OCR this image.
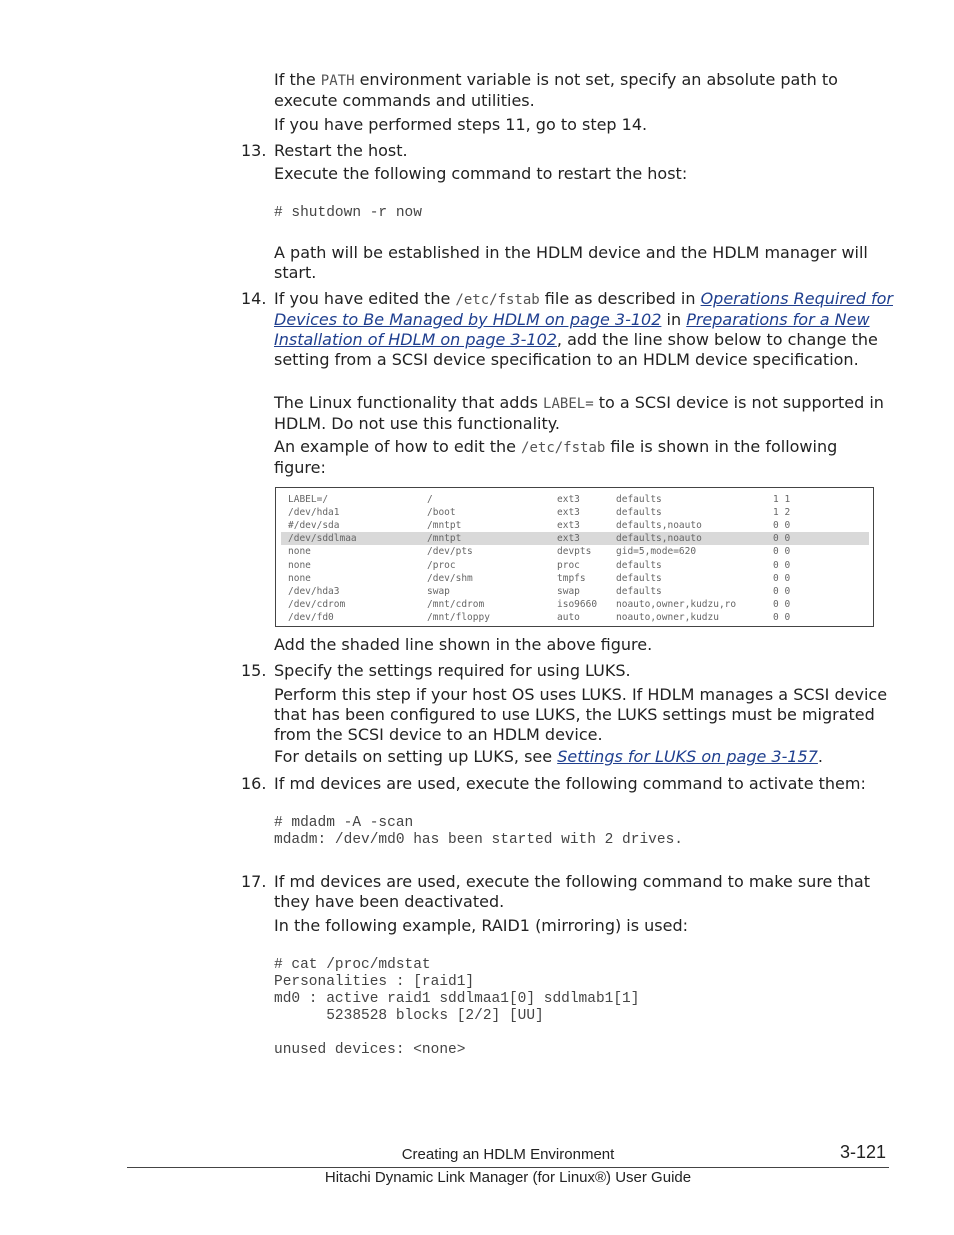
If the PATH environment variable is not set, specify an absolute path to execute commands and utilities.

If you have performed steps 11, go to step 14.

13. Restart the host.

Execute the following command to restart the host:

# shutdown -r now

A path will be established in the HDLM device and the HDLM manager will start.

14. If you have edited the /etc/fstab file as described in Operations Required for Devices to Be Managed by HDLM on page 3-102 in Preparations for a New Installation of HDLM on page 3-102, add the line show below to change the setting from a SCSI device specification to an HDLM device specification.

The Linux functionality that adds LABEL= to a SCSI device is not supported in HDLM. Do not use this functionality.

An example of how to edit the /etc/fstab file is shown in the following figure:

LABEL=/	/	ext3	defaults	1 1
/dev/hda1	/boot	ext3	defaults	1 2
#/dev/sda	/mntpt	ext3	defaults,noauto	0 0
/dev/sddlmaa	/mntpt	ext3	defaults,noauto	0 0
none	/dev/pts	devpts	gid=5,mode=620	0 0
none	/proc	proc	defaults	0 0
none	/dev/shm	tmpfs	defaults	0 0
/dev/hda3	swap	swap	defaults	0 0
/dev/cdrom	/mnt/cdrom	iso9660 noauto,owner,kudzu,ro	0 0
/dev/fd0	/mnt/floppy	auto	noauto,owner,kudzu	0 0

Add the shaded line shown in the above figure.

15. Specify the settings required for using LUKS.

Perform this step if your host OS uses LUKS. If HDLM manages a SCSI device that has been configured to use LUKS, the LUKS settings must be migrated from the SCSI device to an HDLM device.

For details on setting up LUKS, see Settings for LUKS on page 3-157.

16. If md devices are used, execute the following command to activate them:

# mdadm -A -scan
mdadm: /dev/md0 has been started with 2 drives.
17. If md devices are used, execute the following command to make sure that they have been deactivated.

In the following example, RAID1 (mirroring) is used:

# cat /proc/mdstat
Personalities : [raid1]
md0 : active raid1 sddlmaa1[0] sddlmab1[1]
5238528 blocks [2/2] [UU]

unused devices: <none>
Creating an HDLM Environment	3-121
Hitachi Dynamic Link Manager (for Linux®) User Guide
